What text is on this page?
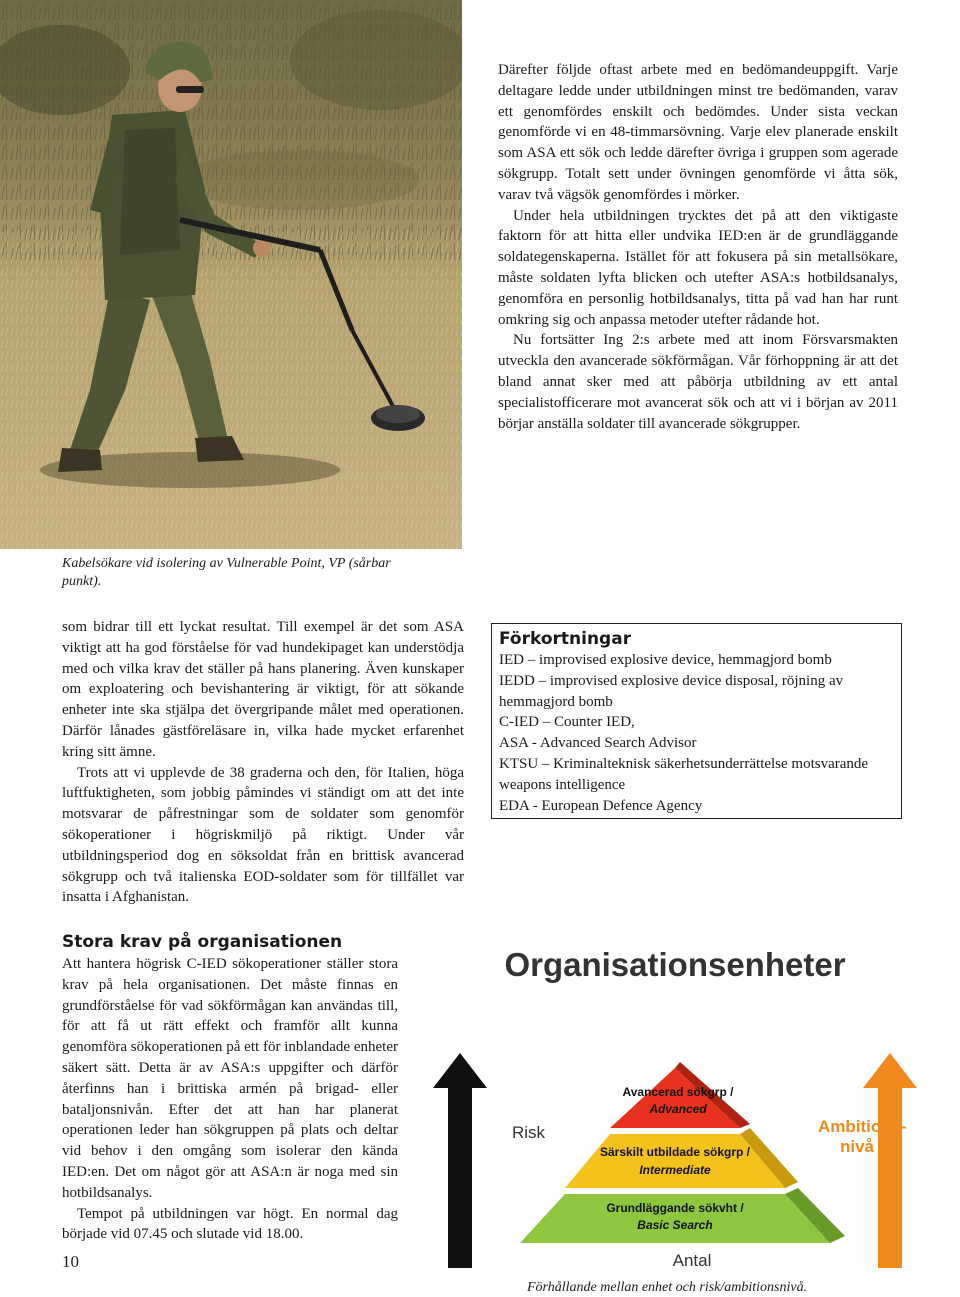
Därefter följde oftast arbete med en bedömandeuppgift. Varje deltagare ledde under utbildningen minst tre bedömanden, varav ett genomfördes enskilt och bedömdes. Under sista veckan genomförde vi en 48-timmarsövning. Varje elev planerade enskilt som ASA ett sök och ledde därefter övriga i gruppen som agerade sökgrupp. Totalt sett under övningen genomförde vi åtta sök, varav två vägsök genomfördes i mörker.

Under hela utbildningen trycktes det på att den viktigaste faktorn för att hitta eller undvika IED:en är de grundläggande soldategenskaperna. Istället för att fokusera på sin metallsökare, måste soldaten lyfta blicken och utefter ASA:s hotbildsanalys, genomföra en personlig hotbildsanalys, titta på vad han har runt omkring sig och anpassa metoder utefter rådande hot.

Nu fortsätter Ing 2:s arbete med att inom Försvarsmakten utveckla den avancerade sökförmågan. Vår förhoppning är att det bland annat sker med att påbörja utbildning av ett antal specialistofficerare mot avancerat sök och att vi i början av 2011 börjar anställa soldater till avancerade sökgrupper.

Kabelsökare vid isolering av Vulnerable Point, VP (sårbar punkt).

som bidrar till ett lyckat resultat. Till exempel är det som ASA viktigt att ha god förståelse för vad hundekipaget kan understödja med och vilka krav det ställer på hans planering. Även kunskaper om exploatering och bevishantering är viktigt, för att sökande enheter inte ska stjälpa det övergripande målet med operationen. Därför lånades gästföreläsare in, vilka hade mycket erfarenhet kring sitt ämne.

Trots att vi upplevde de 38 graderna och den, för Italien, höga luftfuktigheten, som jobbig påmindes vi ständigt om att det inte motsvarar de påfrestningar som de soldater som genomför sökoperationer i högriskmiljö på riktigt. Under vår utbildningsperiod dog en söksoldat från en brittisk avancerad sökgrupp och två italienska EOD-soldater som för tillfället var insatta i Afghanistan.

Förkortningar

IED – improvised explosive device, hemmagjord bomb

IEDD – improvised explosive device disposal, röjning av hemmagjord bomb

C-IED – Counter IED,

ASA - Advanced Search Advisor

KTSU – Kriminalteknisk säkerhetsunderrättelse motsvarande weapons intelligence

EDA - European Defence Agency

Stora krav på organisationen

Att hantera högrisk C-IED sökoperationer ställer stora krav på hela organisationen. Det måste finnas en grundförståelse för vad sökförmågan kan användas till, för att få ut rätt effekt och framför allt kunna genomföra sökoperationen på ett för inblandade enheter säkert sätt. Detta är av ASA:s uppgifter och därför återfinns han i brittiska armén på brigad- eller bataljonsnivån. Efter det att han har planerat operationen leder han sökgruppen på plats och deltar vid behov i den omgång som isolerar den kända IED:en. Det om något gör att ASA:n är noga med sin hotbildsanalys.

Tempot på utbildningen var högt. En normal dag började vid 07.45 och slutade vid 18.00.

10
Organisationsenheter
Risk	Ambitions-
nivå
Avancerad sökgrp /
Advanced
Särskilt utbildade sökgrp /
Intermediate
Grundläggande sökvht /
Basic Search
Antal
Förhållande mellan enhet och risk/ambitionsnivå.
